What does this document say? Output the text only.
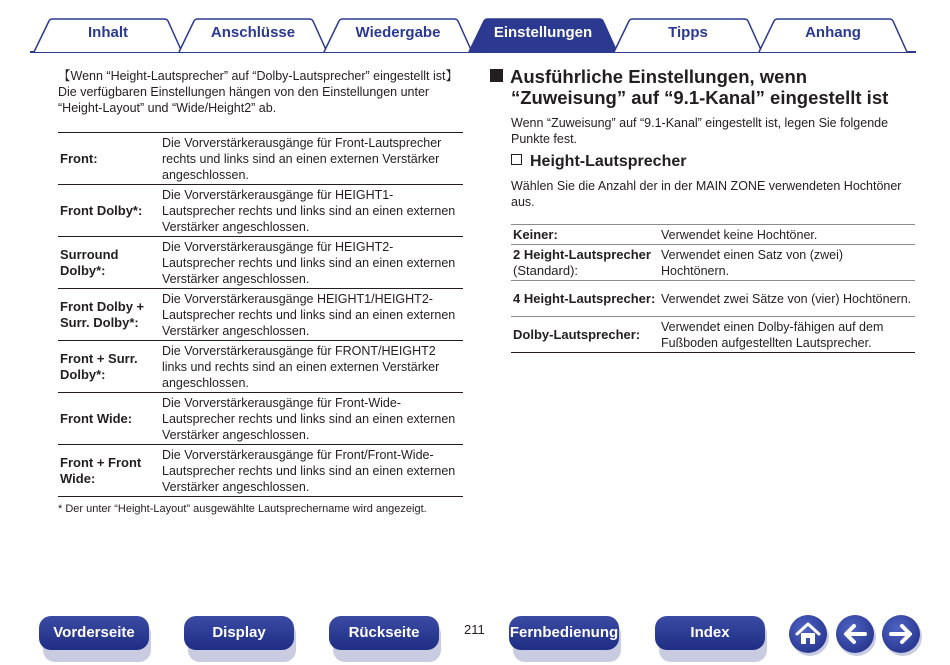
Inhalt	Anschlüsse	Wiedergabe	Einstellungen	Tipps	Anhang
【Wenn “Height-Lautsprecher” auf “Dolby-Lautsprecher” eingestellt ist】
Die verfügbaren Einstellungen hängen von den Einstellungen unter “Height-Layout” und “Wide/Height2” ab.
Front:	Die Vorverstärkerausgänge für Front-Lautsprecher rechts und links sind an einen externen Verstärker angeschlossen.
Front Dolby*:	Die Vorverstärkerausgänge für HEIGHT1-Lautsprecher rechts und links sind an einen externen Verstärker angeschlossen.
Surround Dolby*:	Die Vorverstärkerausgänge für HEIGHT2-Lautsprecher rechts und links sind an einen externen Verstärker angeschlossen.
Front Dolby + Surr. Dolby*:	Die Vorverstärkerausgänge HEIGHT1/HEIGHT2-Lautsprecher rechts und links sind an einen externen Verstärker angeschlossen.
Front + Surr. Dolby*:	Die Vorverstärkerausgänge für FRONT/HEIGHT2 links und rechts sind an einen externen Verstärker angeschlossen.
Front Wide:	Die Vorverstärkerausgänge für Front-Wide-Lautsprecher rechts und links sind an einen externen Verstärker angeschlossen.
Front + Front Wide:	Die Vorverstärkerausgänge für Front/Front-Wide-Lautsprecher rechts und links sind an einen externen Verstärker angeschlossen.
* Der unter “Height-Layout” ausgewählte Lautsprechername wird angezeigt.
Ausführliche Einstellungen, wenn
“Zuweisung” auf “9.1-Kanal” eingestellt ist
Wenn “Zuweisung” auf “9.1-Kanal” eingestellt ist, legen Sie folgende Punkte fest.
Height-Lautsprecher
Wählen Sie die Anzahl der in der MAIN ZONE verwendeten Hochtöner aus.
Keiner:	Verwendet keine Hochtöner.
2 Height-Lautsprecher
(Standard):	Verwendet einen Satz von (zwei) Hochtönern.
4 Height-Lautsprecher:	Verwendet zwei Sätze von (vier) Hochtönern.
Dolby-Lautsprecher:	Verwendet einen Dolby-fähigen auf dem Fußboden aufgestellten Lautsprecher.
Vorderseite	Display	Rückseite	211 Fernbedienung	Index
